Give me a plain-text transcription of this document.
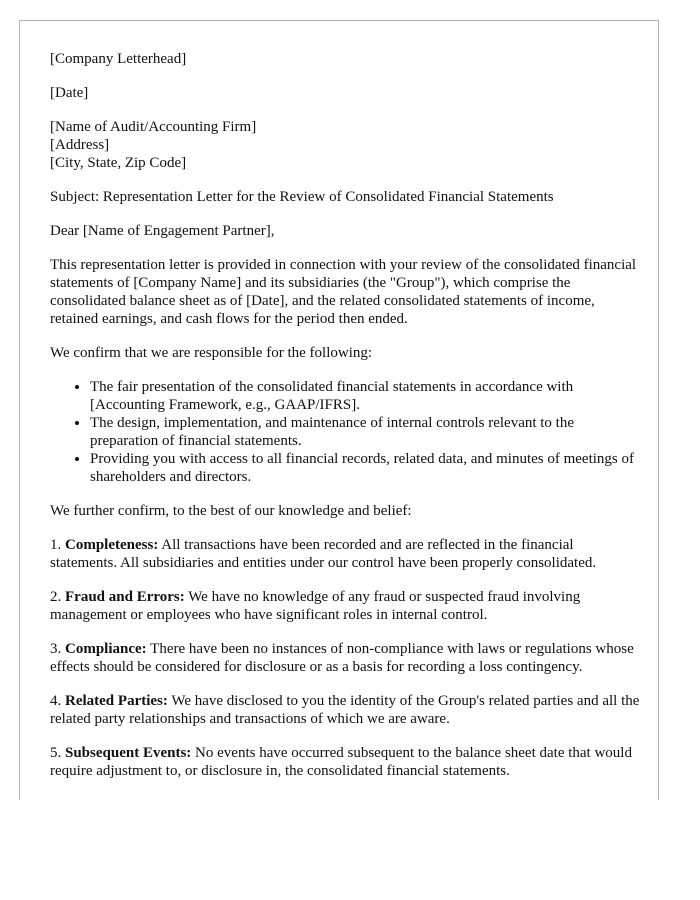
[Company Letterhead]

[Date]

[Name of Audit/Accounting Firm]
[Address]
[City, State, Zip Code]

Subject: Representation Letter for the Review of Consolidated Financial Statements

Dear [Name of Engagement Partner],

This representation letter is provided in connection with your review of the consolidated financial statements of [Company Name] and its subsidiaries (the "Group"), which comprise the consolidated balance sheet as of [Date], and the related consolidated statements of income, retained earnings, and cash flows for the period then ended.

We confirm that we are responsible for the following:

• The fair presentation of the consolidated financial statements in accordance with [Accounting Framework, e.g., GAAP/IFRS].
• The design, implementation, and maintenance of internal controls relevant to the preparation of financial statements.
• Providing you with access to all financial records, related data, and minutes of meetings of shareholders and directors.

We further confirm, to the best of our knowledge and belief:

1. Completeness: All transactions have been recorded and are reflected in the financial statements. All subsidiaries and entities under our control have been properly consolidated.

2. Fraud and Errors: We have no knowledge of any fraud or suspected fraud involving management or employees who have significant roles in internal control.

3. Compliance: There have been no instances of non-compliance with laws or regulations whose effects should be considered for disclosure or as a basis for recording a loss contingency.

4. Related Parties: We have disclosed to you the identity of the Group's related parties and all the related party relationships and transactions of which we are aware.

5. Subsequent Events: No events have occurred subsequent to the balance sheet date that would require adjustment to, or disclosure in, the consolidated financial statements.
